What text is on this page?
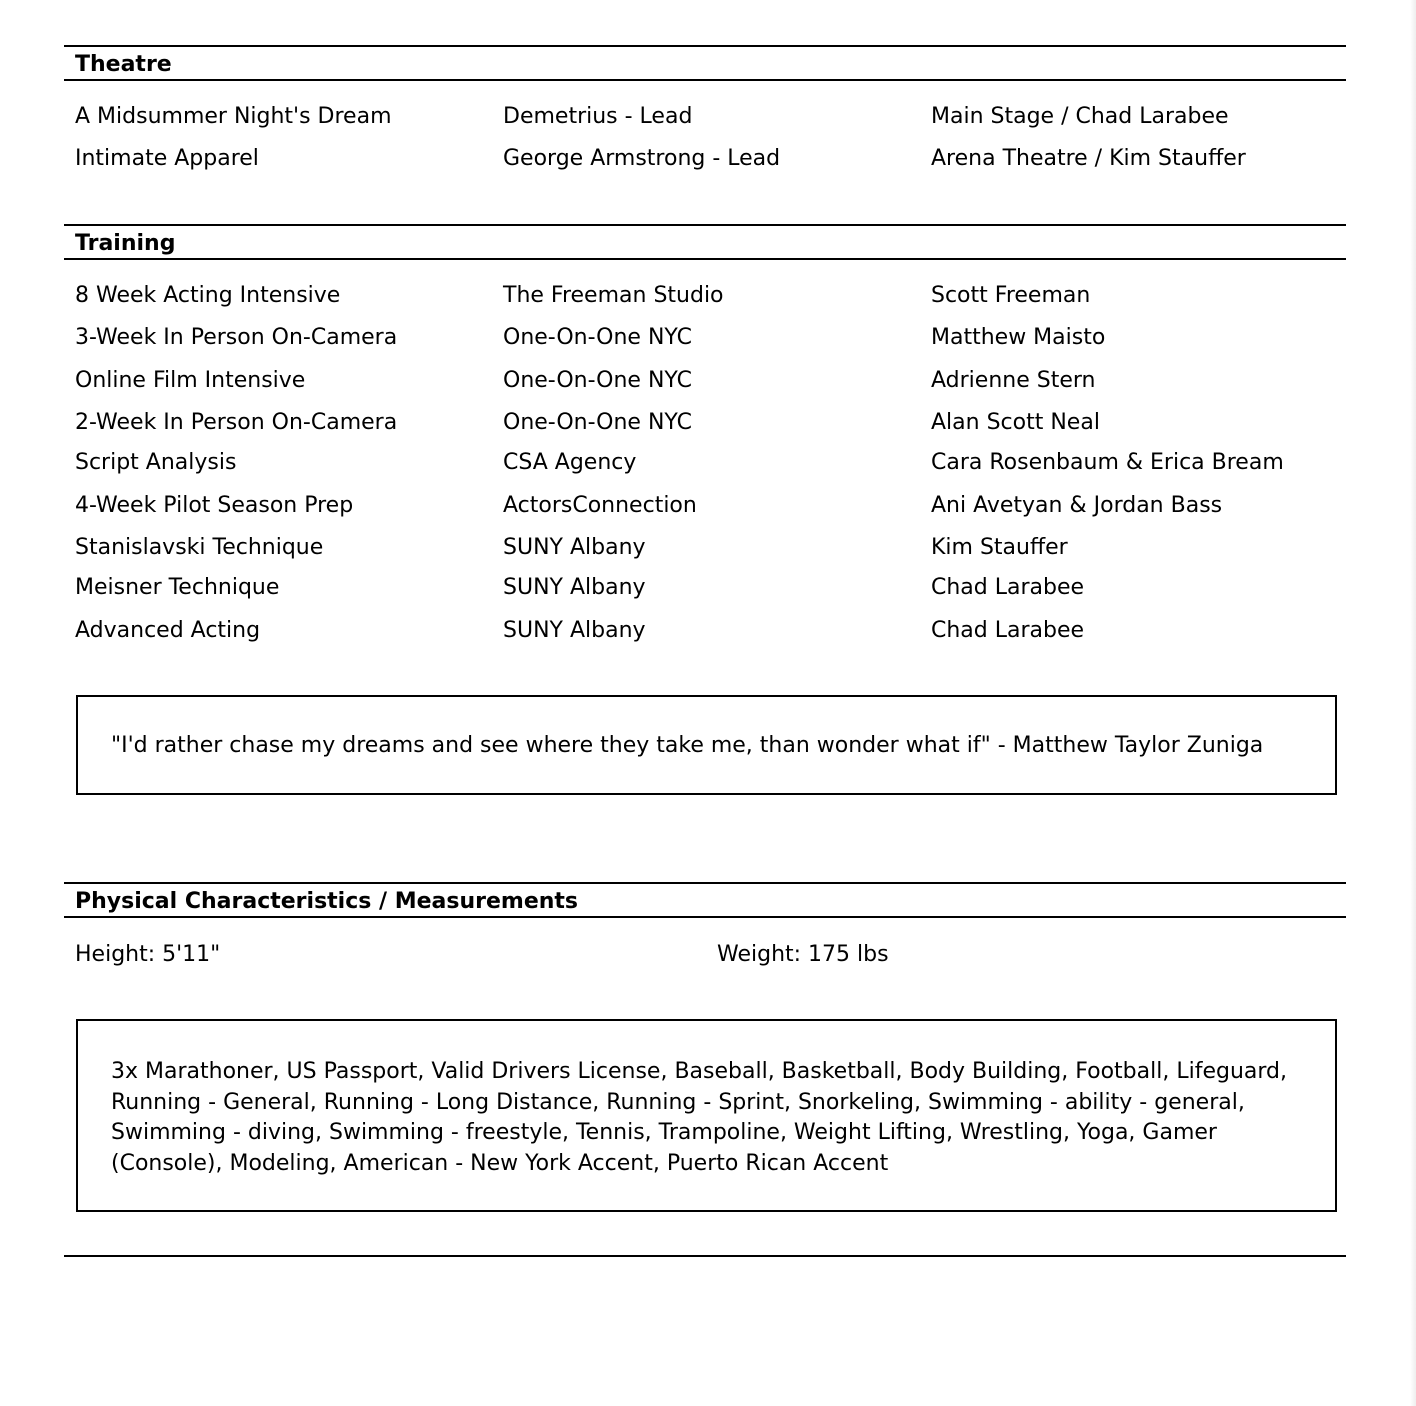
Theatre
A Midsummer Night's Dream	Demetrius - Lead	Main Stage / Chad Larabee
Intimate Apparel	George Armstrong - Lead	Arena Theatre / Kim Stauffer
Training
8 Week Acting Intensive	The Freeman Studio	Scott Freeman
3-Week In Person On-Camera	One-On-One NYC	Matthew Maisto
Online Film Intensive	One-On-One NYC	Adrienne Stern
2-Week In Person On-Camera	One-On-One NYC	Alan Scott Neal
Script Analysis	CSA Agency	Cara Rosenbaum & Erica Bream
4-Week Pilot Season Prep	ActorsConnection	Ani Avetyan & Jordan Bass
Stanislavski Technique	SUNY Albany	Kim Stauffer
Meisner Technique	SUNY Albany	Chad Larabee
Advanced Acting	SUNY Albany	Chad Larabee
"I'd rather chase my dreams and see where they take me, than wonder what if" - Matthew Taylor Zuniga
Physical Characteristics / Measurements
Height: 5'11"	Weight: 175 lbs
3x Marathoner, US Passport, Valid Drivers License, Baseball, Basketball, Body Building, Football, Lifeguard, Running - General, Running - Long Distance, Running - Sprint, Snorkeling, Swimming - ability - general, Swimming - diving, Swimming - freestyle, Tennis, Trampoline, Weight Lifting, Wrestling, Yoga, Gamer (Console), Modeling, American - New York Accent, Puerto Rican Accent
